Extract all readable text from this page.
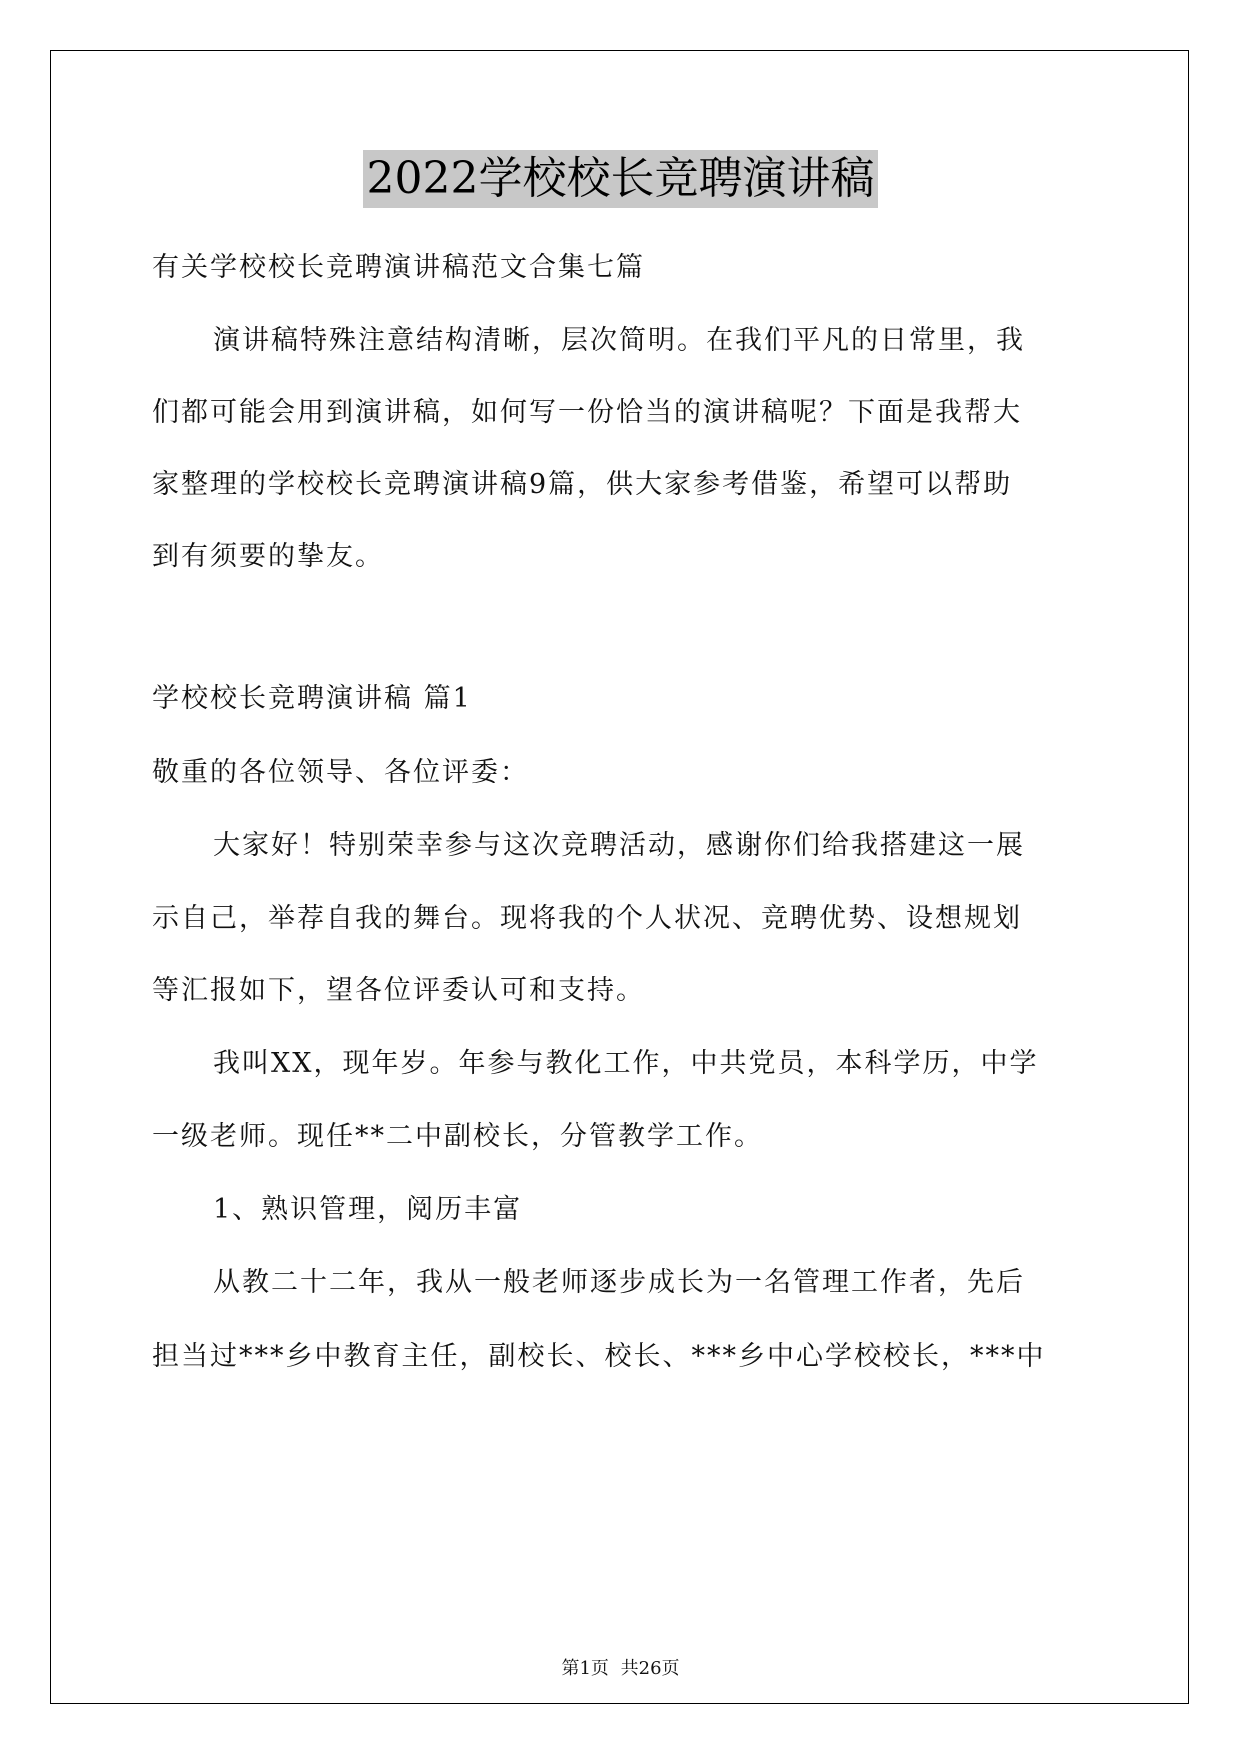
2022学校校长竞聘演讲稿
有关学校校长竞聘演讲稿范文合集七篇
演讲稿特殊注意结构清晰，层次简明。在我们平凡的日常里，我
们都可能会用到演讲稿，如何写一份恰当的演讲稿呢？下面是我帮大
家整理的学校校长竞聘演讲稿9篇，供大家参考借鉴，希望可以帮助
到有须要的挚友。
学校校长竞聘演讲稿 篇1
敬重的各位领导、各位评委：
大家好！特别荣幸参与这次竞聘活动，感谢你们给我搭建这一展
示自己，举荐自我的舞台。现将我的个人状况、竞聘优势、设想规划
等汇报如下，望各位评委认可和支持。
我叫XX，现年岁。年参与教化工作，中共党员，本科学历，中学
一级老师。现任**二中副校长，分管教学工作。
1、熟识管理，阅历丰富
从教二十二年，我从一般老师逐步成长为一名管理工作者，先后
担当过***乡中教育主任，副校长、校长、***乡中心学校校长，***中
第1页 共26页
